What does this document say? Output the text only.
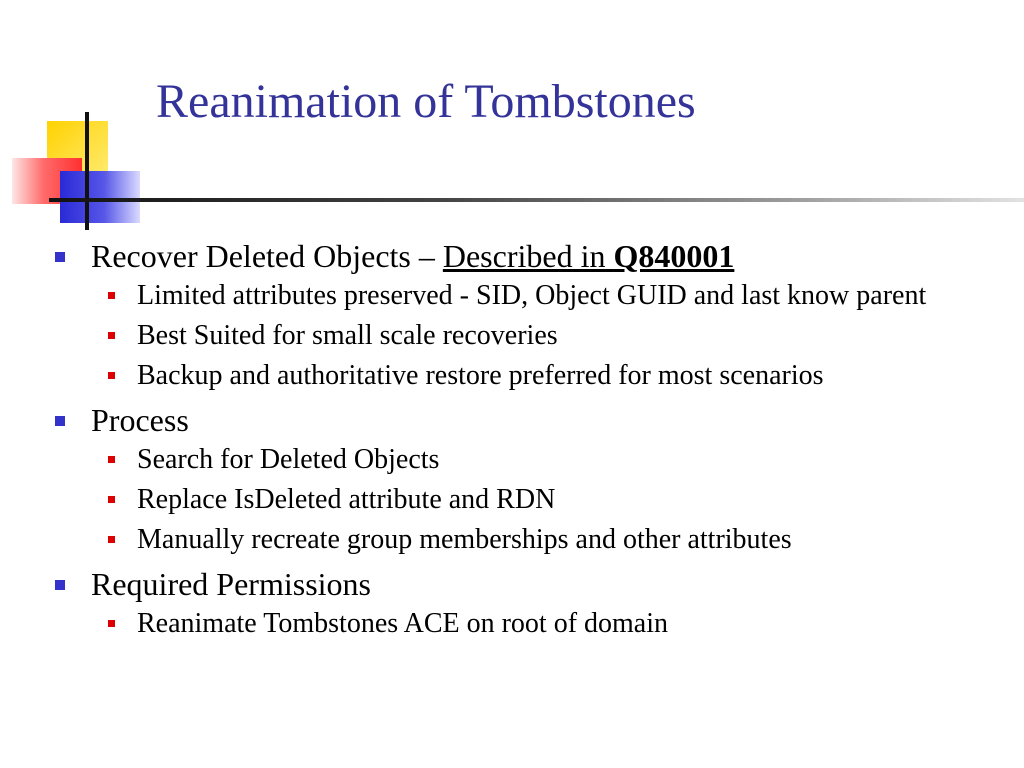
Reanimation of Tombstones
Recover Deleted Objects – Described in Q840001
Limited attributes preserved - SID, Object GUID and last know parent
Best Suited for small scale recoveries
Backup and authoritative restore preferred for most scenarios
Process
Search for Deleted Objects
Replace IsDeleted attribute and RDN
Manually recreate group memberships and other attributes
Required Permissions
Reanimate Tombstones ACE on root of domain
